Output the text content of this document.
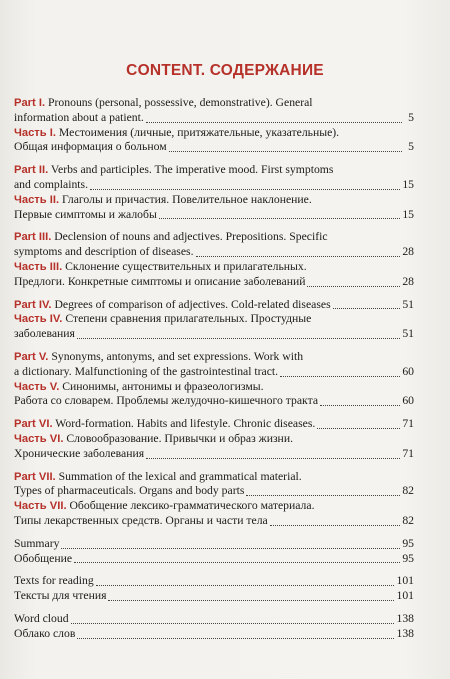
CONTENT. СОДЕРЖАНИЕ
Part I. Pronouns (personal, possessive, demonstrative). General
information about a patient.	5
Часть I. Местоимения (личные, притяжательные, указательные).
Общая информация о больном	5
Part II. Verbs and participles. The imperative mood. First symptoms
and complaints.	15
Часть II. Глаголы и причастия. Повелительное наклонение.
Первые симптомы и жалобы	15
Part III. Declension of nouns and adjectives. Prepositions. Specific
symptoms and description of diseases.	28
Часть III. Склонение существительных и прилагательных.
Предлоги. Конкретные симптомы и описание заболеваний	28
Part IV. Degrees of comparison of adjectives. Cold-related diseases	51
Часть IV. Степени сравнения прилагательных. Простудные
заболевания	51
Part V. Synonyms, antonyms, and set expressions. Work with
a dictionary. Malfunctioning of the gastrointestinal tract.	60
Часть V. Синонимы, антонимы и фразеологизмы.
Работа со словарем. Проблемы желудочно-кишечного тракта	60
Part VI. Word-formation. Habits and lifestyle. Chronic diseases.	71
Часть VI. Словообразование. Привычки и образ жизни.
Хронические заболевания	71
Part VII. Summation of the lexical and grammatical material.
Types of pharmaceuticals. Organs and body parts	82
Часть VII. Обобщение лексико-грамматического материала.
Типы лекарственных средств. Органы и части тела	82
Summary	95
Обобщение	95
Texts for reading	101
Тексты для чтения	101
Word cloud	138
Облако слов	138
